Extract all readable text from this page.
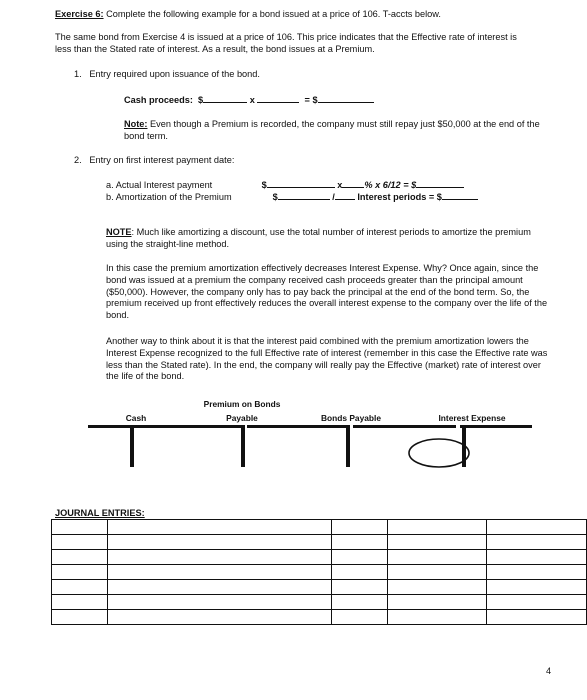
Exercise 6: Complete the following example for a bond issued at a price of 106. T-accts below.
The same bond from Exercise 4 is issued at a price of 106. This price indicates that the Effective rate of interest is less than the Stated rate of interest. As a result, the bond issues at a Premium.
1. Entry required upon issuance of the bond.
Cash proceeds: $	x	= $
Note: Even though a Premium is recorded, the company must still repay just $50,000 at the end of the bond term.
2. Entry on first interest payment date:
a. Actual Interest payment	$	x % x 6/12 = $
b. Amortization of the Premium	$	/ Interest periods = $
NOTE: Much like amortizing a discount, use the total number of interest periods to amortize the premium using the straight-line method.
In this case the premium amortization effectively decreases Interest Expense. Why? Once again, since the bond was issued at a premium the company received cash proceeds greater than the principal amount ($50,000). However, the company only has to pay back the principal at the end of the bond term. So, the premium received up front effectively reduces the overall interest expense to the company over the life of the bond.
Another way to think about it is that the interest paid combined with the premium amortization lowers the Interest Expense recognized to the full Effective rate of interest (remember in this case the Effective rate was less than the Stated rate). In the end, the company will really pay the Effective (market) rate of interest over the life of the bond.
Cash
Premium on Bonds
Payable	Bonds Payable	Interest Expense
JOURNAL ENTRIES:

4
